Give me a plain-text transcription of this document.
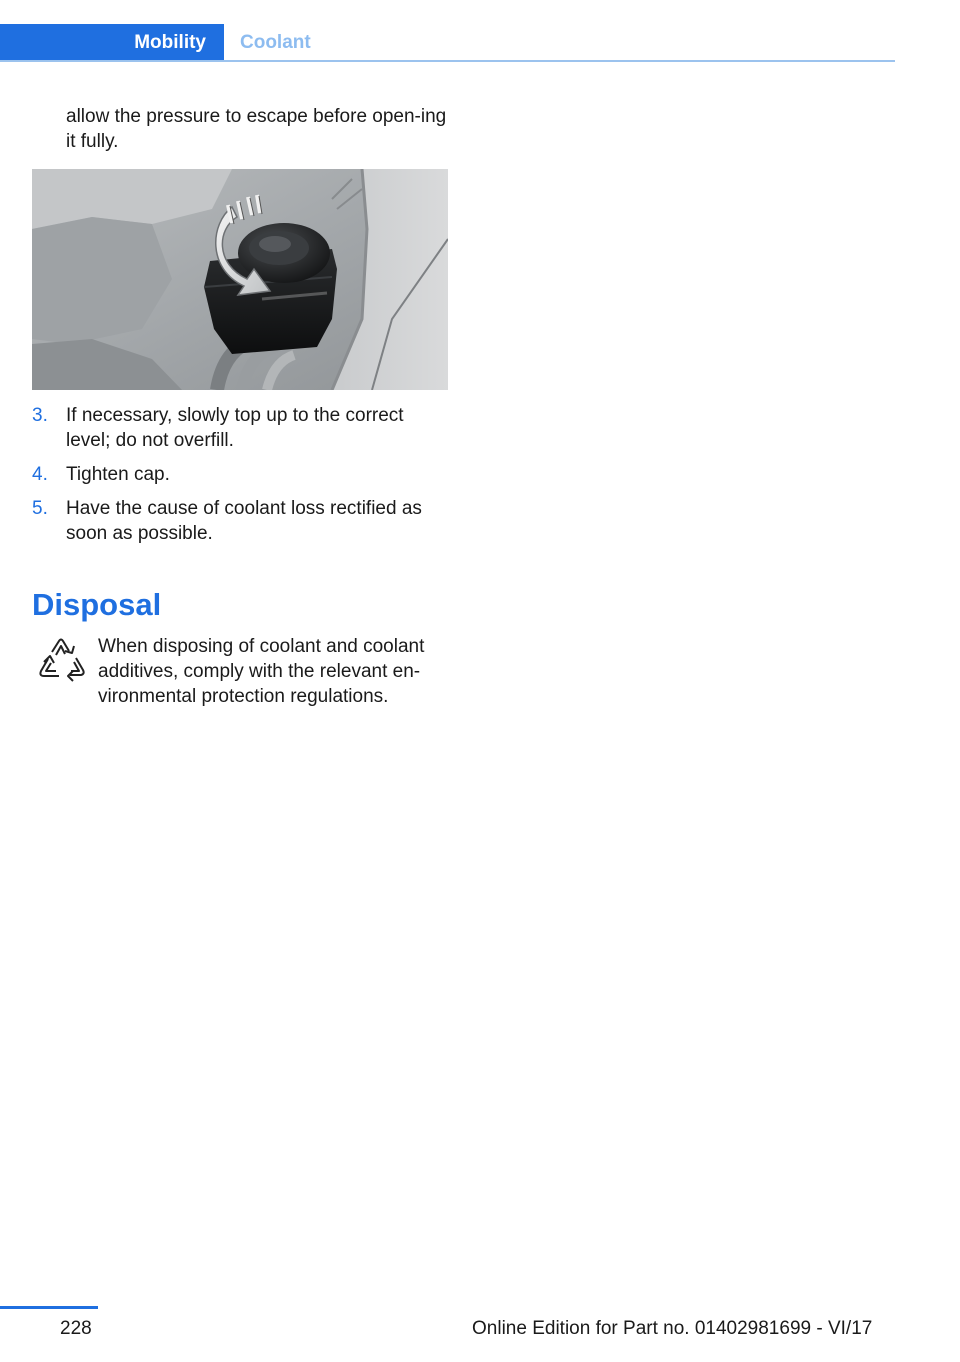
Mobility	Coolant
allow the pressure to escape before open‐ing it fully.
3. If necessary, slowly top up to the correct level; do not overfill.
4. Tighten cap.
5. Have the cause of coolant loss rectified as soon as possible.
Disposal
When disposing of coolant and coolant additives, comply with the relevant en‐vironmental protection regulations.
228	Online Edition for Part no. 01402981699 - VI/17
